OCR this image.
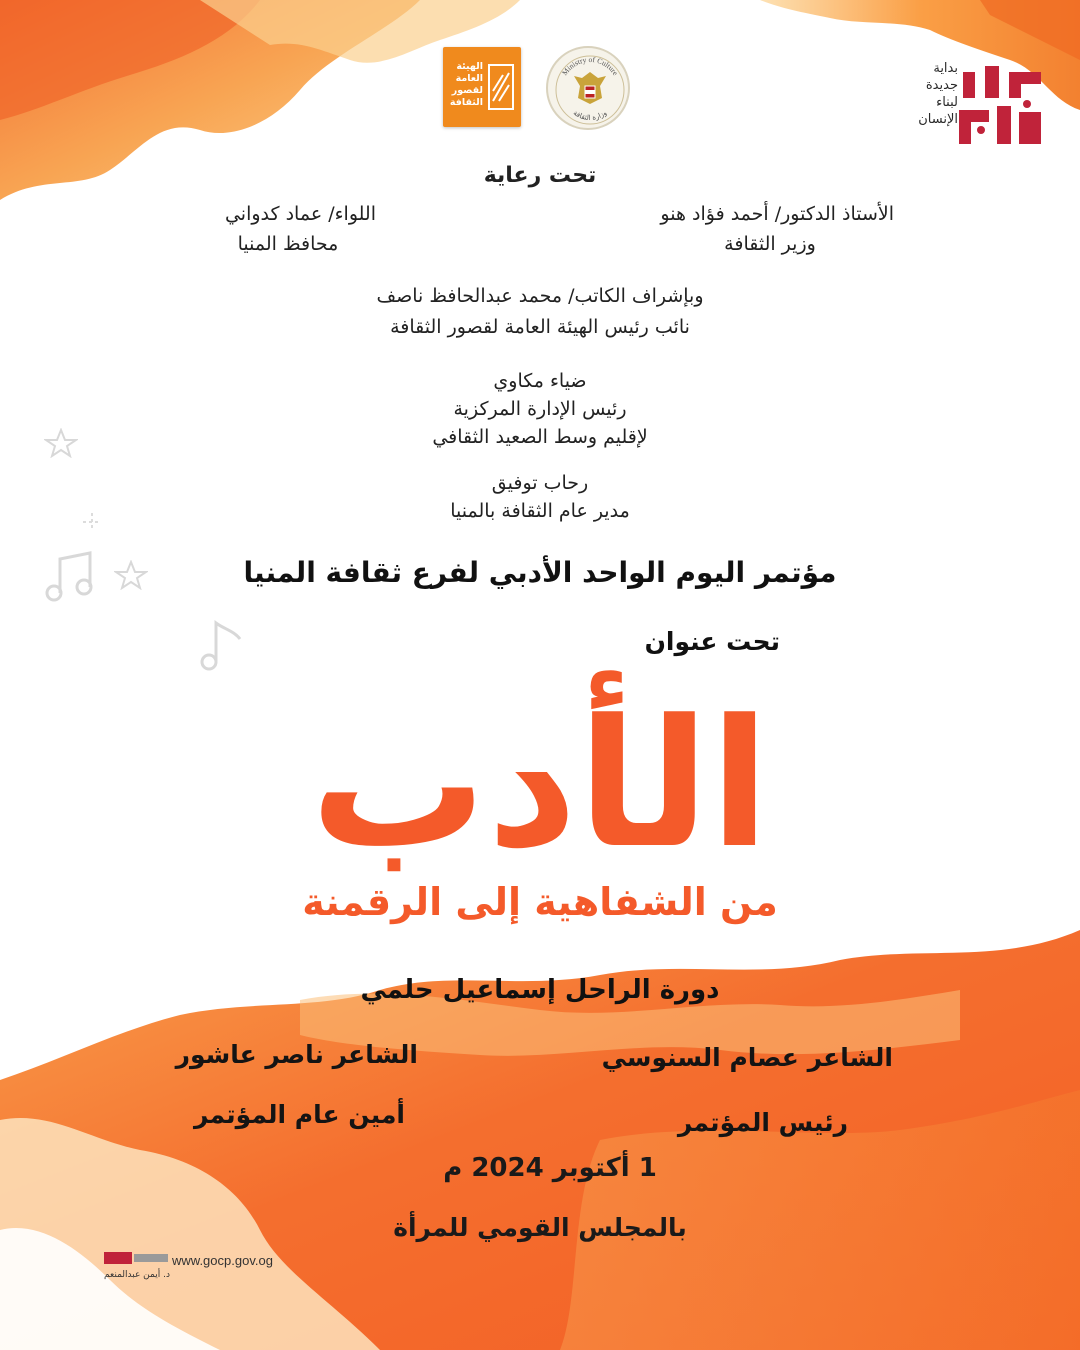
الهيئة
العامة
لقصور
الثقافة
Ministry of Culture
وزارة الثقافة
بداية
جديدة
لبناء
الإنسان
تحت رعاية
الأستاذ الدكتور/ أحمد فؤاد هنو
وزير الثقافة
اللواء/ عماد كدواني
محافظ المنيا
وبإشراف الكاتب/ محمد عبدالحافظ ناصف
نائب رئيس الهيئة العامة لقصور الثقافة
ضياء مكاوي
رئيس الإدارة المركزية
لإقليم وسط الصعيد الثقافي
رحاب توفيق
مدير عام الثقافة بالمنيا
مؤتمر اليوم الواحد الأدبي لفرع ثقافة المنيا
تحت عنوان
الأدب
من الشفاهية إلى الرقمنة
دورة الراحل إسماعيل حلمي
الشاعر عصام السنوسي
رئيس المؤتمر
الشاعر ناصر عاشور
أمين عام المؤتمر
1 أكتوبر 2024 م
بالمجلس القومي للمرأة
د. أيمن عبدالمنعم
www.gocp.gov.og
